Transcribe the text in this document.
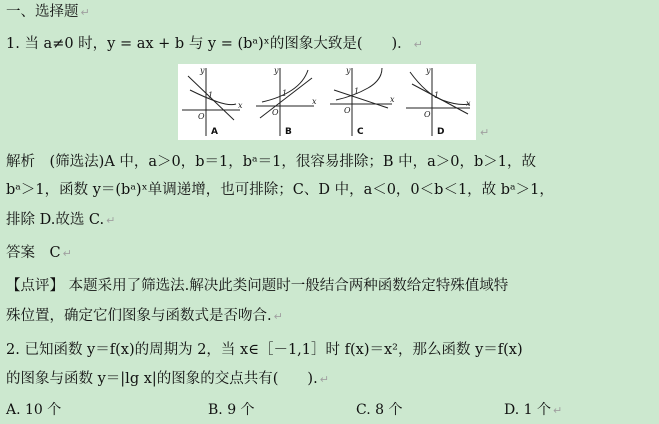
一、选择题 ↵
1. 当 a≠0 时，y = ax + b 与 y = (bᵃ)ˣ的图象大致是(　　)． ↵
y
x
O
1
y
x
O
1
y
x
O
1
y
x
O
1
A	B	C	D	↵
解析　(筛选法)A 中，a＞0，b＝1，bᵃ＝1，很容易排除；B 中，a＞0，b＞1，故
bᵃ＞1，函数 y＝(bᵃ)ˣ单调递增，也可排除；C、D 中，a＜0，0＜b＜1，故 bᵃ＞1，
排除 D.故选 C. ↵
答案　C ↵
【点评】 本题采用了筛选法.解决此类问题时一般结合两种函数给定特殊值域特
殊位置，确定它们图象与函数式是否吻合. ↵
2. 已知函数 y＝f(x)的周期为 2，当 x∈［－1,1］时 f(x)＝x²，那么函数 y＝f(x)
的图象与函数 y＝|lg x|的图象的交点共有(　　). ↵
A. 10 个	B. 9 个	C. 8 个	D. 1 个 ↵
